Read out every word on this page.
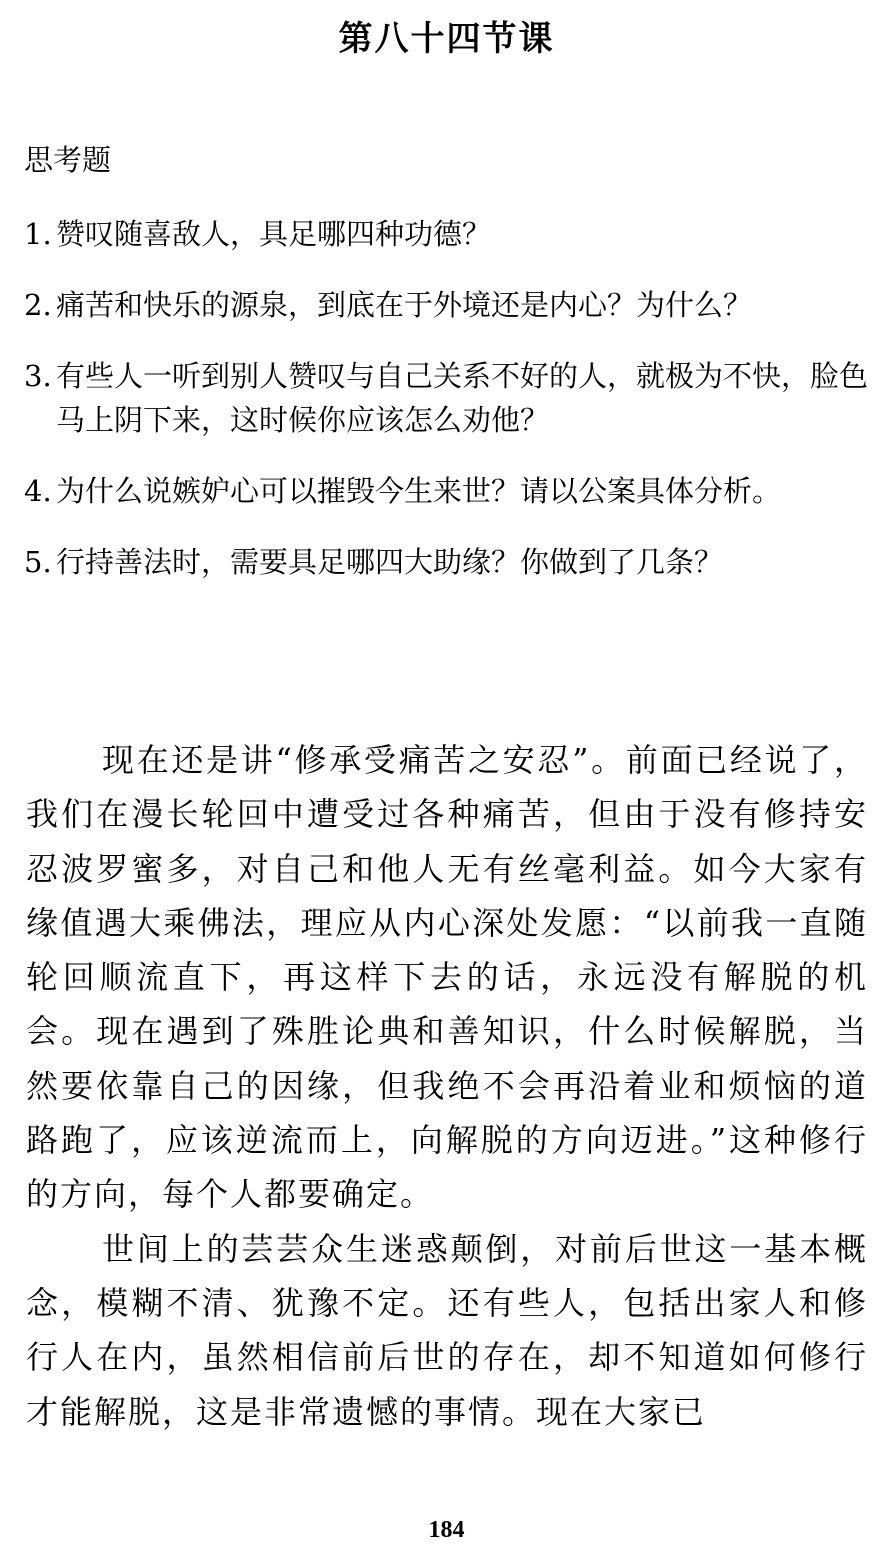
第八十四节课
思考题
1. 赞叹随喜敌人，具足哪四种功德？
2. 痛苦和快乐的源泉，到底在于外境还是内心？为什么？
3. 有些人一听到别人赞叹与自己关系不好的人，就极为不快，脸色马上阴下来，这时候你应该怎么劝他？
4. 为什么说嫉妒心可以摧毁今生来世？请以公案具体分析。
5. 行持善法时，需要具足哪四大助缘？你做到了几条？

现在还是讲“修承受痛苦之安忍”。前面已经说了，我们在漫长轮回中遭受过各种痛苦，但由于没有修持安忍波罗蜜多，对自己和他人无有丝毫利益。如今大家有缘值遇大乘佛法，理应从内心深处发愿：“以前我一直随轮回顺流直下，再这样下去的话，永远没有解脱的机会。现在遇到了殊胜论典和善知识，什么时候解脱，当然要依靠自己的因缘，但我绝不会再沿着业和烦恼的道路跑了，应该逆流而上，向解脱的方向迈进。”这种修行的方向，每个人都要确定。

世间上的芸芸众生迷惑颠倒，对前后世这一基本概念，模糊不清、犹豫不定。还有些人，包括出家人和修行人在内，虽然相信前后世的存在，却不知道如何修行才能解脱，这是非常遗憾的事情。现在大家已

184
